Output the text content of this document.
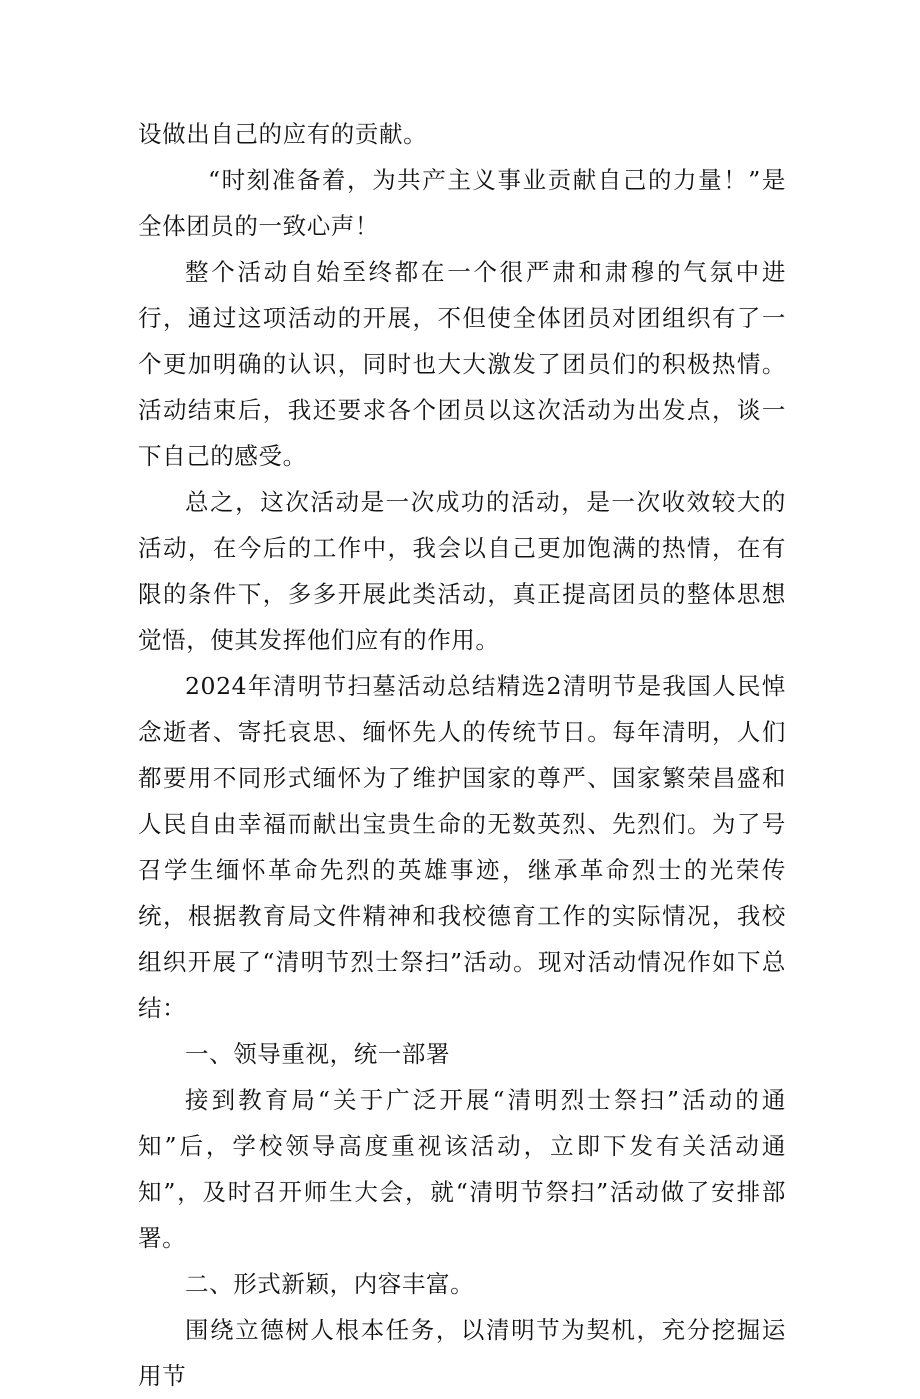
设做出自己的应有的贡献。

“时刻准备着，为共产主义事业贡献自己的力量！”是全体团员的一致心声！

整个活动自始至终都在一个很严肃和肃穆的气氛中进行，通过这项活动的开展，不但使全体团员对团组织有了一个更加明确的认识，同时也大大激发了团员们的积极热情。活动结束后，我还要求各个团员以这次活动为出发点，谈一下自己的感受。

总之，这次活动是一次成功的活动，是一次收效较大的活动，在今后的工作中，我会以自己更加饱满的热情，在有限的条件下，多多开展此类活动，真正提高团员的整体思想觉悟，使其发挥他们应有的作用。

2024年清明节扫墓活动总结精选2清明节是我国人民悼念逝者、寄托哀思、缅怀先人的传统节日。每年清明，人们都要用不同形式缅怀为了维护国家的尊严、国家繁荣昌盛和人民自由幸福而献出宝贵生命的无数英烈、先烈们。为了号召学生缅怀革命先烈的英雄事迹，继承革命烈士的光荣传统，根据教育局文件精神和我校德育工作的实际情况，我校组织开展了“清明节烈士祭扫”活动。现对活动情况作如下总结：

一、领导重视，统一部署

接到教育局“关于广泛开展“清明烈士祭扫”活动的通知”后，学校领导高度重视该活动，立即下发有关活动通知”，及时召开师生大会，就“清明节祭扫”活动做了安排部署。

二、形式新颖，内容丰富。

围绕立德树人根本任务，以清明节为契机，充分挖掘运用节
